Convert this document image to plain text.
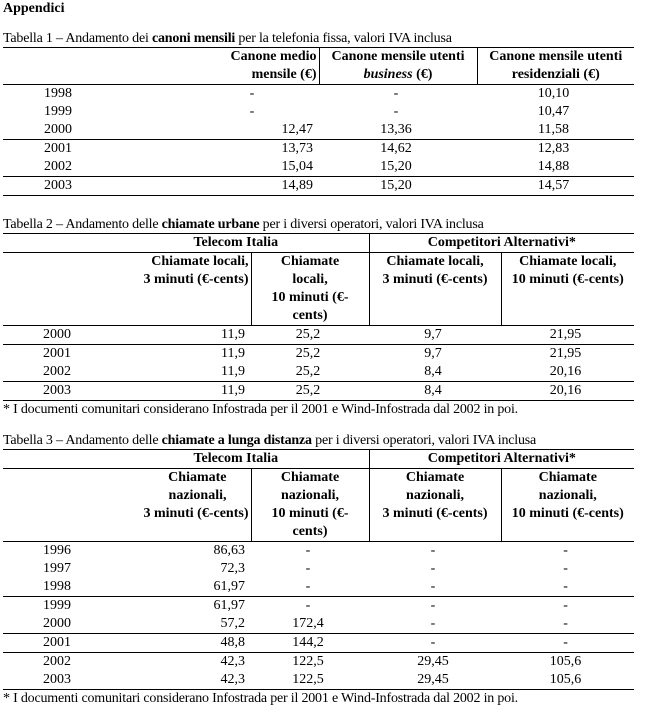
Appendici

Tabella 1 – Andamento dei canoni mensili per la telefonia fissa, valori IVA inclusa

	Canone medio
mensile (€)	Canone mensile utenti
business (€)	Canone mensile utenti
residenziali (€)
1998	-	-	10,10
1999	-	-	10,47
2000	12,47	13,36	11,58
2001	13,73	14,62	12,83
2002	15,04	15,20	14,88
2003	14,89	15,20	14,57

Tabella 2 – Andamento delle chiamate urbane per i diversi operatori, valori IVA inclusa

	Telecom Italia		Competitori Alternativi*	
	Chiamate locali,
3 minuti (€-cents)	Chiamate
locali,
10 minuti (€-
cents)	Chiamate locali,
3 minuti (€-cents)	Chiamate locali,
10 minuti (€-cents)
2000	11,9	25,2	9,7	21,95
2001	11,9	25,2	9,7	21,95
2002	11,9	25,2	8,4	20,16
2003	11,9	25,2	8,4	20,16

* I documenti comunitari considerano Infostrada per il 2001 e Wind-Infostrada dal 2002 in poi.

Tabella 3 – Andamento delle chiamate a lunga distanza per i diversi operatori, valori IVA inclusa

	Telecom Italia		Competitori Alternativi*	
	Chiamate
nazionali,
3 minuti (€-cents)	Chiamate
nazionali,
10 minuti (€-
cents)	Chiamate
nazionali,
3 minuti (€-cents)	Chiamate
nazionali,
10 minuti (€-cents)
1996	86,63	-	-	-
1997	72,3	-	-	-
1998	61,97	-	-	-
1999	61,97	-	-	-
2000	57,2	172,4	-	-
2001	48,8	144,2	-	-
2002	42,3	122,5	29,45	105,6
2003	42,3	122,5	29,45	105,6

* I documenti comunitari considerano Infostrada per il 2001 e Wind-Infostrada dal 2002 in poi.
